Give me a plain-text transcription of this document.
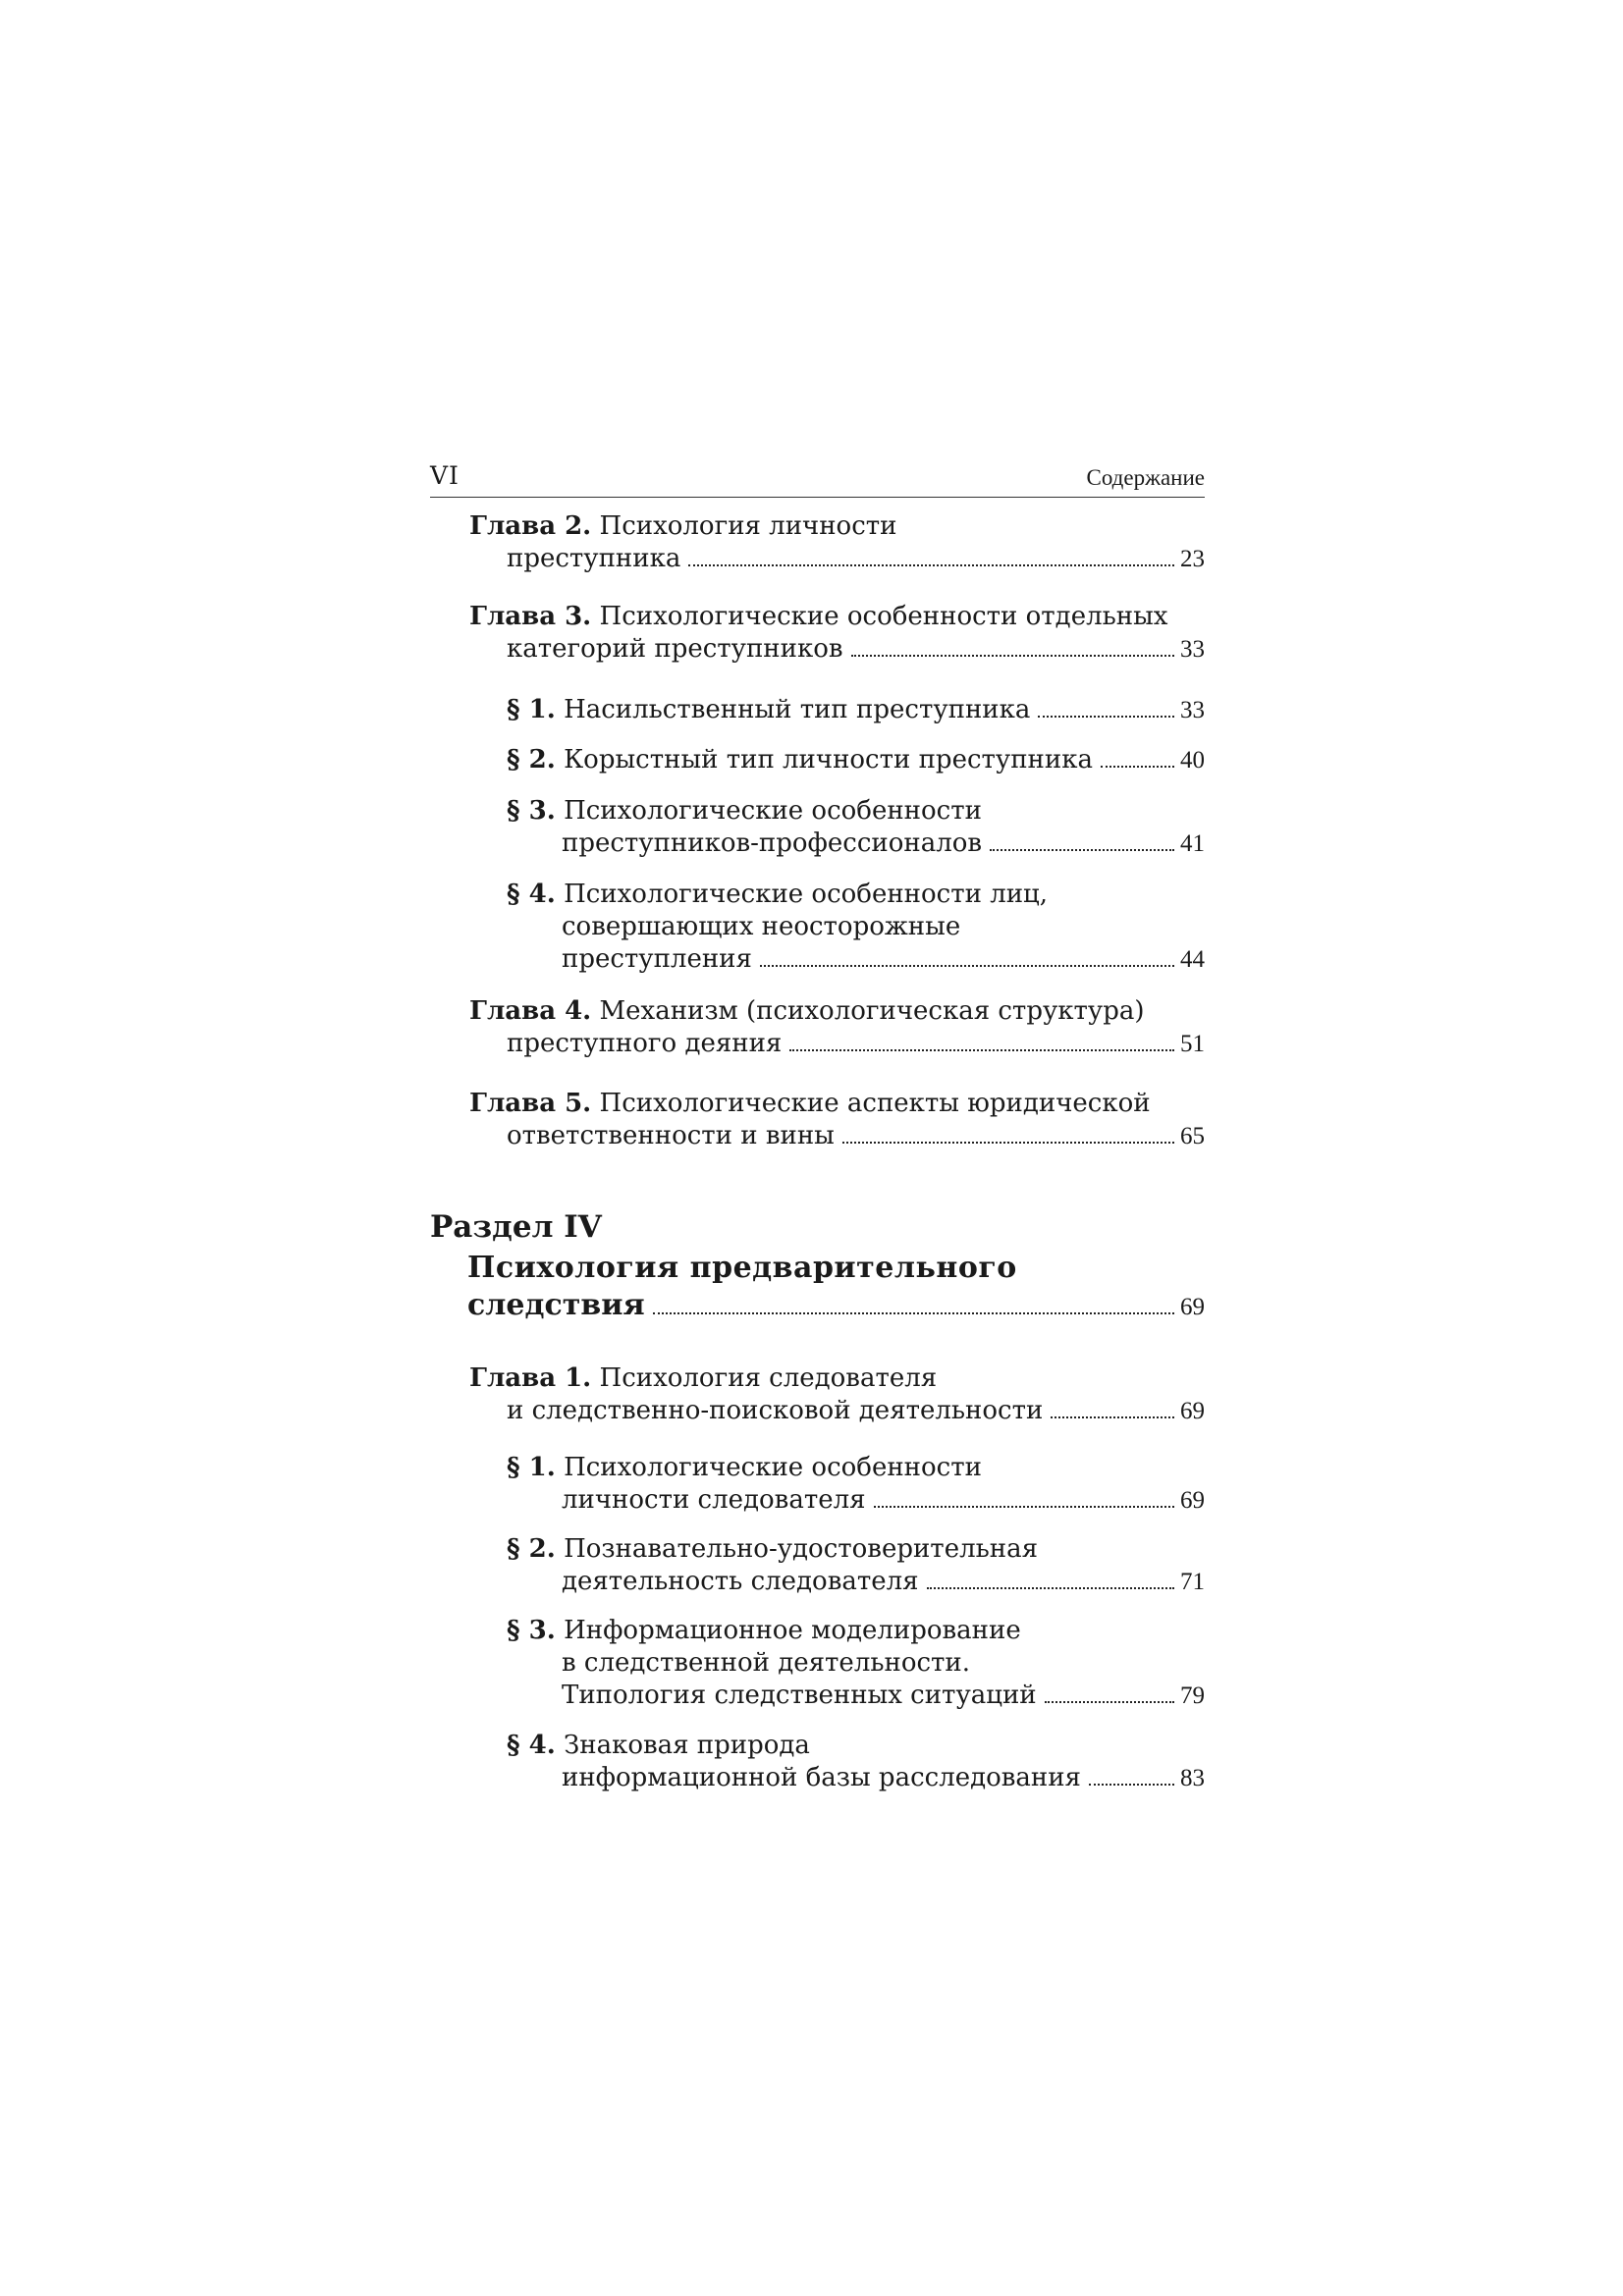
VI	Содержание
Глава 2.
Психология личности
преступника	23
Глава 3.
Психологические особенности отдельных
категорий преступников	33
§ 1.
Насильственный тип преступника	33
§ 2.
Корыстный тип личности преступника	40
§ 3.
Психологические особенности
преступников-профессионалов	41
§ 4.
Психологические особенности лиц,
совершающих неосторожные
преступления	44
Глава 4.
Механизм (психологическая структура)
преступного деяния	51
Глава 5.
Психологические аспекты юридической
ответственности и вины	65
Раздел IV
Психология предварительного
следствия	69
Глава 1.
Психология следователя
и следственно-поисковой деятельности	69
§ 1.
Психологические особенности
личности следователя	69
§ 2.
Познавательно-удостоверительная
деятельность следователя	71
§ 3.
Информационное моделирование
в следственной деятельности.
Типология следственных ситуаций	79
§ 4.
Знаковая природа
информационной базы расследования	83
